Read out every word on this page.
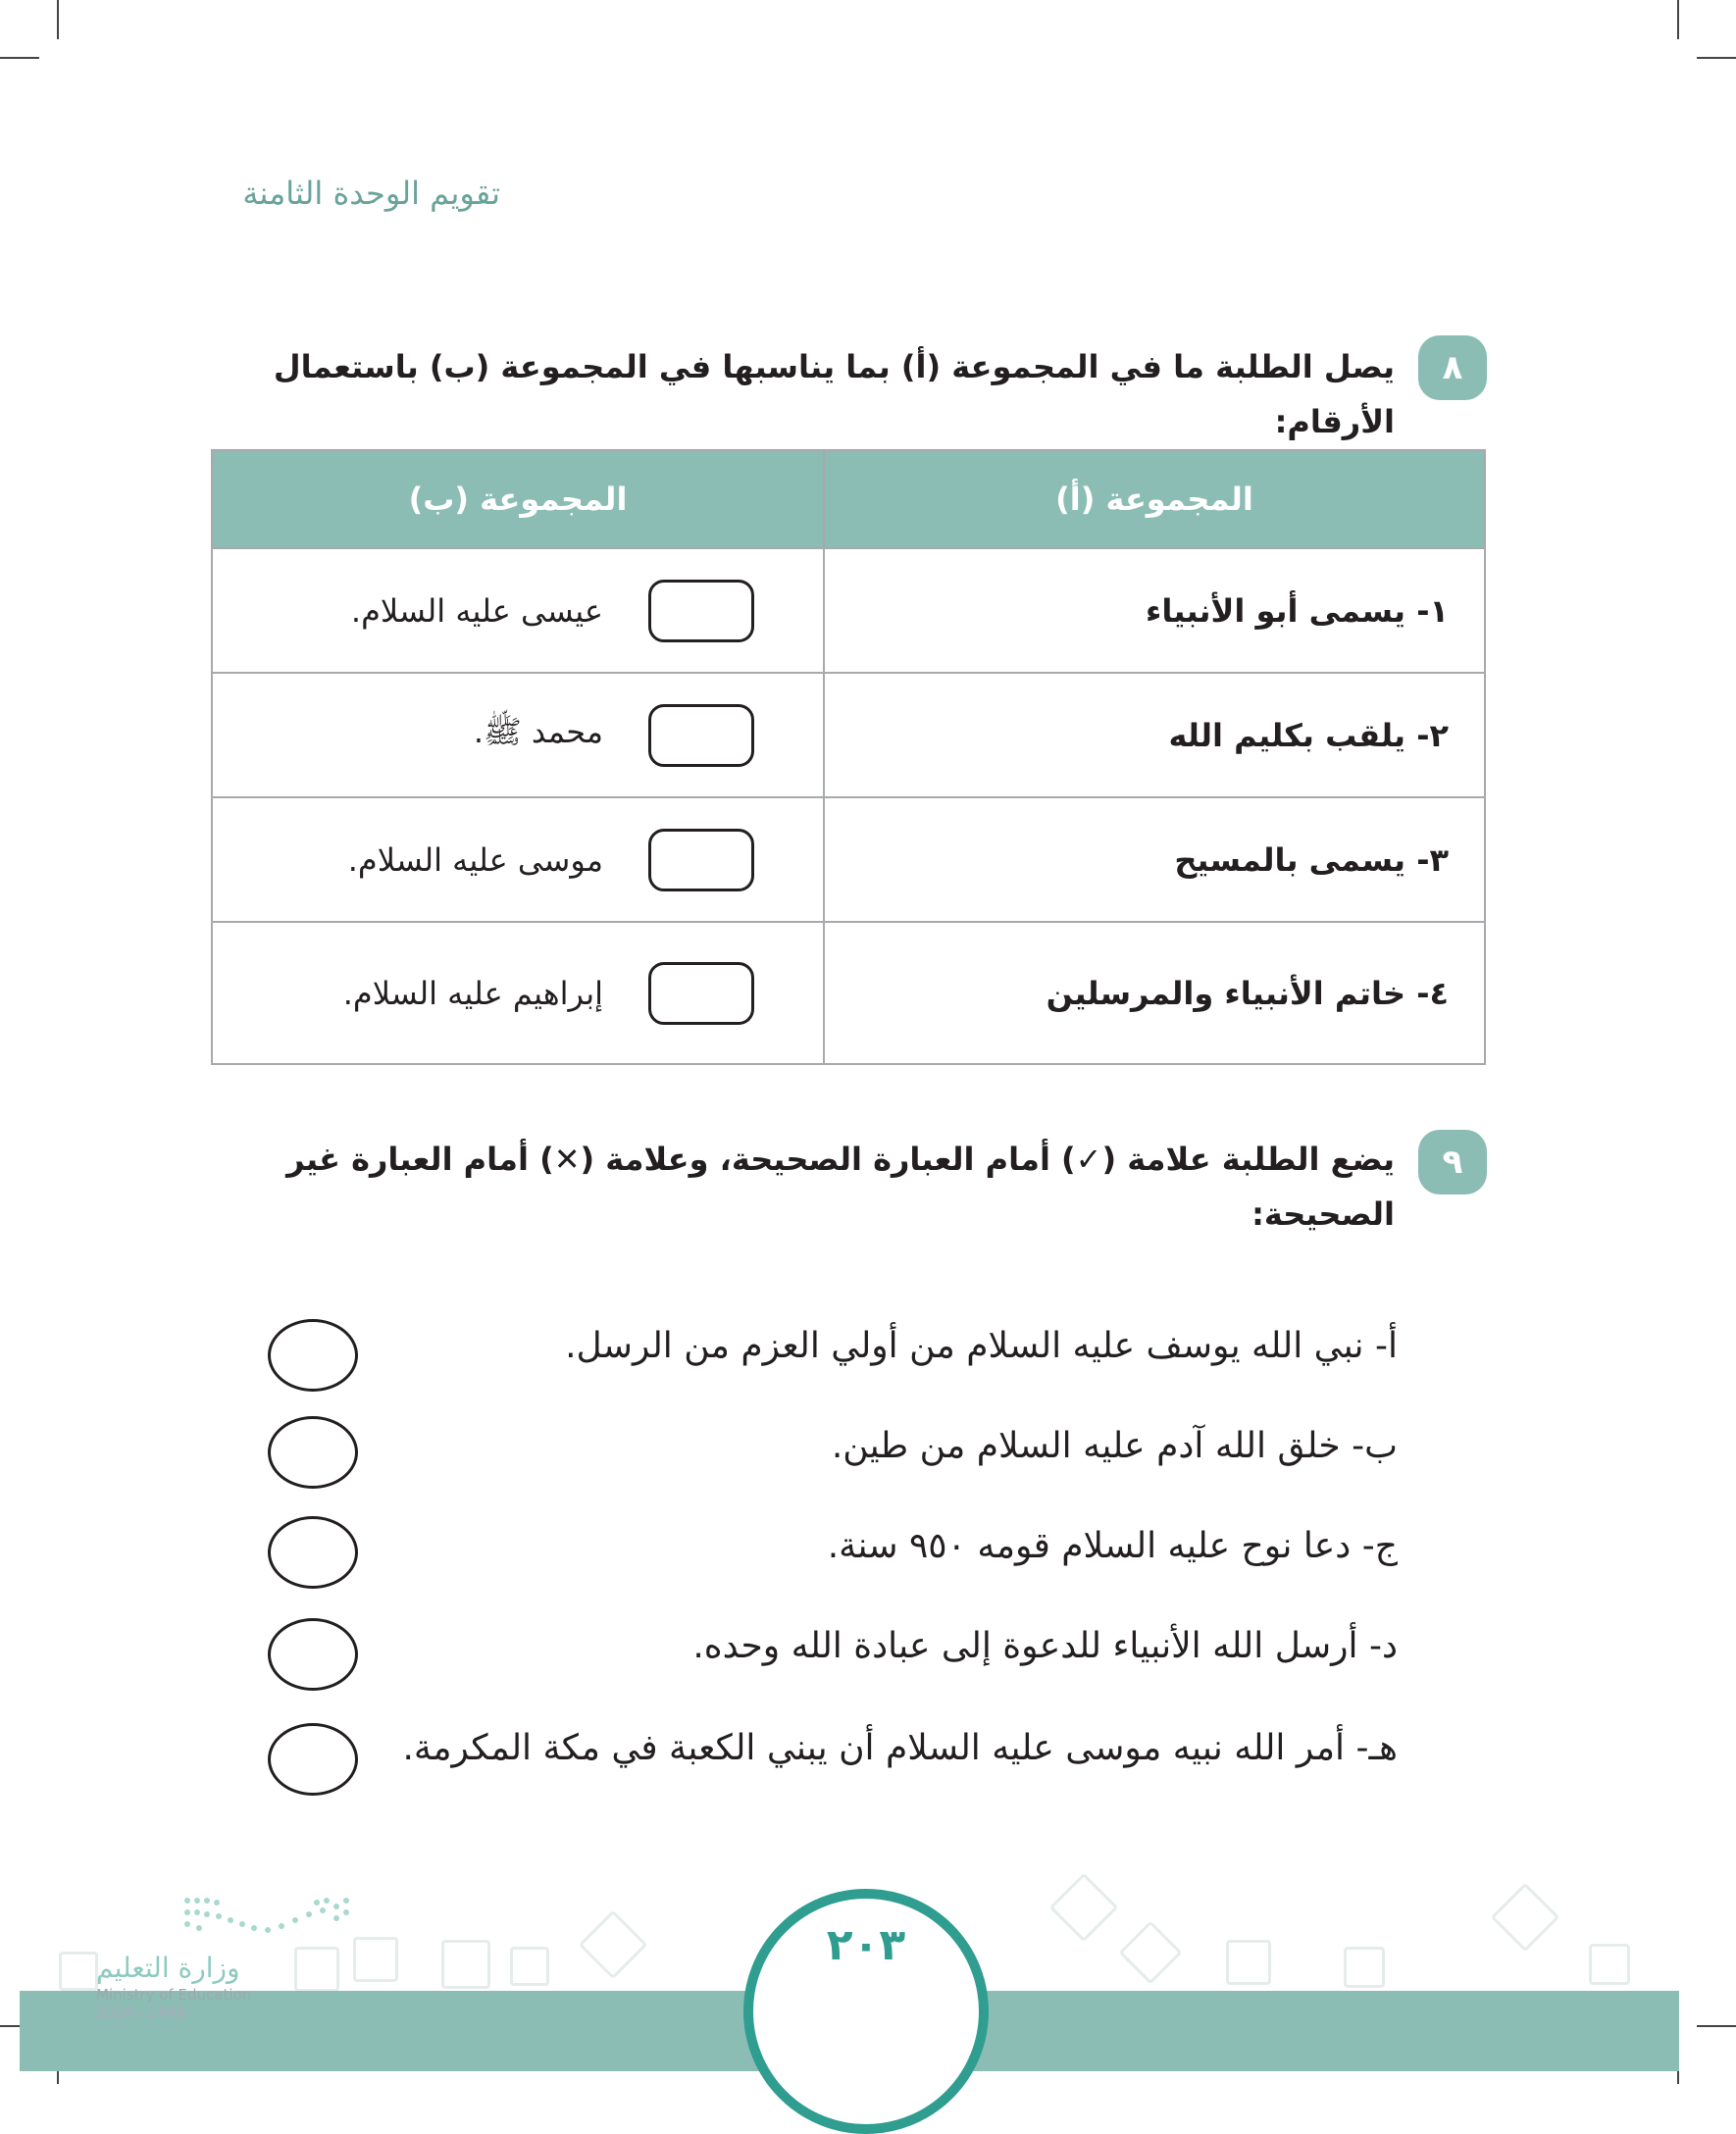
تقويم الوحدة الثامنة
٨
يصل الطلبة ما في المجموعة (أ) بما يناسبها في المجموعة (ب) باستعمال الأرقام:
المجموعة (أ)	المجموعة (ب)
١- يسمى أبو الأنبياء	عيسى عليه السلام.

٢- يلقب بكليم الله	محمد ﷺ.

٣- يسمى بالمسيح	موسى عليه السلام.

٤- خاتم الأنبياء والمرسلين	إبراهيم عليه السلام.
٩
يضع الطلبة علامة (✓) أمام العبارة الصحيحة، وعلامة (✕) أمام العبارة غير
الصحيحة:
أ- نبي الله يوسف عليه السلام من أولي العزم من الرسل.
ب- خلق الله آدم عليه السلام من طين.
ج- دعا نوح عليه السلام قومه ٩٥٠ سنة.
د- أرسل الله الأنبياء للدعوة إلى عبادة الله وحده.
هـ- أمر الله نبيه موسى عليه السلام أن يبني الكعبة في مكة المكرمة.
٢٠٣
وزارة التعليم
Ministry of Education
2024 - 1446
